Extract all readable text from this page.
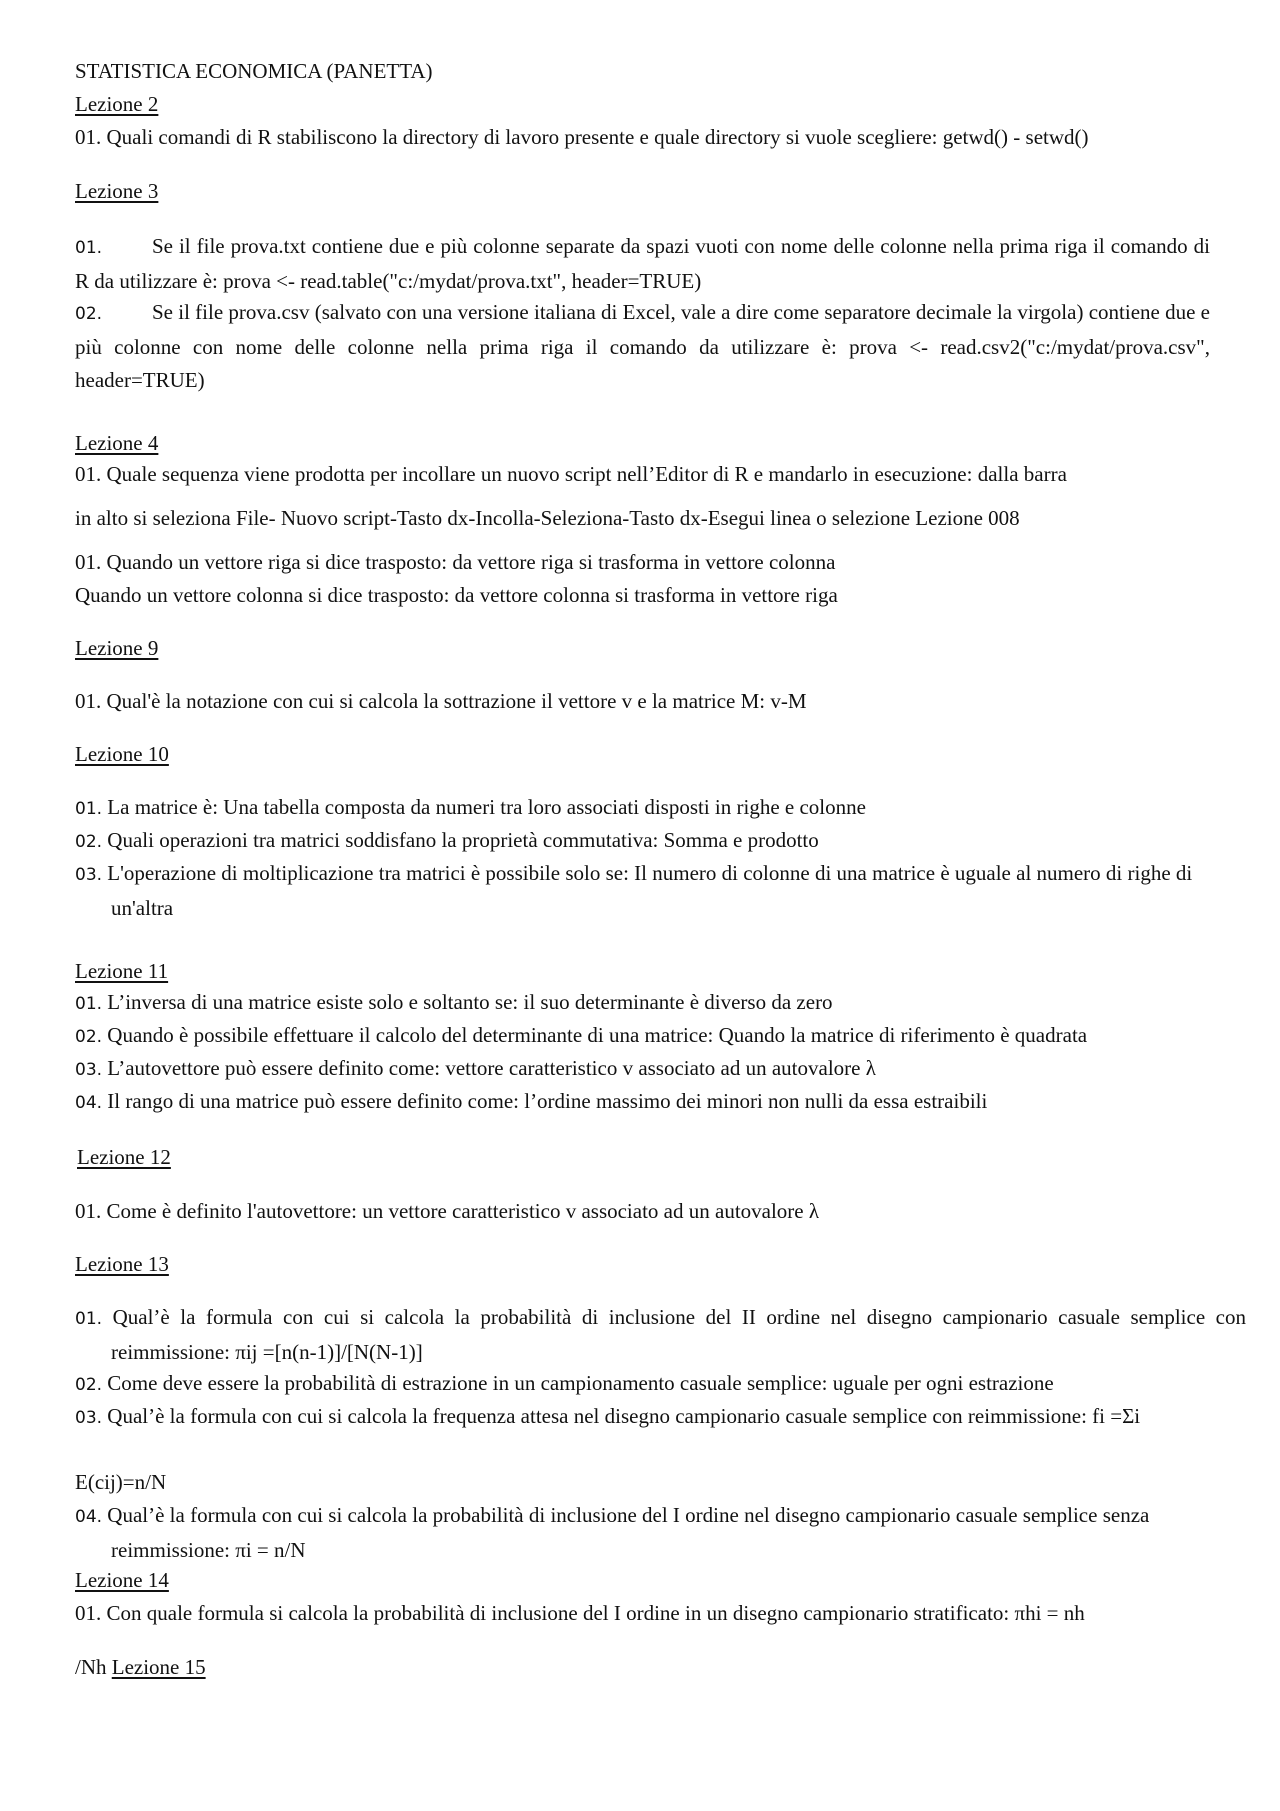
STATISTICA ECONOMICA (PANETTA)
Lezione 2
01. Quali comandi di R stabiliscono la directory di lavoro presente e quale directory si vuole scegliere: getwd() - setwd()
Lezione 3
01. Se il file prova.txt contiene due e più colonne separate da spazi vuoti con nome delle colonne nella prima riga il comando di R da utilizzare è: prova <- read.table("c:/mydat/prova.txt", header=TRUE)
02. Se il file prova.csv (salvato con una versione italiana di Excel, vale a dire come separatore decimale la virgola) contiene due e più colonne con nome delle colonne nella prima riga il comando da utilizzare è: prova <- read.csv2("c:/mydat/prova.csv", header=TRUE)
Lezione 4
01. Quale sequenza viene prodotta per incollare un nuovo script nell’Editor di R e mandarlo in esecuzione: dalla barra
in alto si seleziona File- Nuovo script-Tasto dx-Incolla-Seleziona-Tasto dx-Esegui linea o selezione Lezione 008
01. Quando un vettore riga si dice trasposto: da vettore riga si trasforma in vettore colonna
Quando un vettore colonna si dice trasposto: da vettore colonna si trasforma in vettore riga
Lezione 9
01. Qual'è la notazione con cui si calcola la sottrazione il vettore v e la matrice M: v-M
Lezione 10
01. La matrice è: Una tabella composta da numeri tra loro associati disposti in righe e colonne
02. Quali operazioni tra matrici soddisfano la proprietà commutativa: Somma e prodotto
03. L'operazione di moltiplicazione tra matrici è possibile solo se: Il numero di colonne di una matrice è uguale al numero di righe di un'altra
Lezione 11
01. L’inversa di una matrice esiste solo e soltanto se: il suo determinante è diverso da zero
02. Quando è possibile effettuare il calcolo del determinante di una matrice: Quando la matrice di riferimento è quadrata
03. L’autovettore può essere definito come: vettore caratteristico v associato ad un autovalore λ
04. Il rango di una matrice può essere definito come: l’ordine massimo dei minori non nulli da essa estraibili
Lezione 12
01. Come è definito l'autovettore: un vettore caratteristico v associato ad un autovalore λ
Lezione 13
01. Qual’è la formula con cui si calcola la probabilità di inclusione del II ordine nel disegno campionario casuale semplice con reimmissione: πij =[n(n-1)]/[N(N-1)]
02. Come deve essere la probabilità di estrazione in un campionamento casuale semplice: uguale per ogni estrazione
03. Qual’è la formula con cui si calcola la frequenza attesa nel disegno campionario casuale semplice con reimmissione: fi =Σi
E(cij)=n/N
04. Qual’è la formula con cui si calcola la probabilità di inclusione del I ordine nel disegno campionario casuale semplice senza reimmissione: πi = n/N
Lezione 14
01. Con quale formula si calcola la probabilità di inclusione del I ordine in un disegno campionario stratificato: πhi = nh
/Nh Lezione 15
